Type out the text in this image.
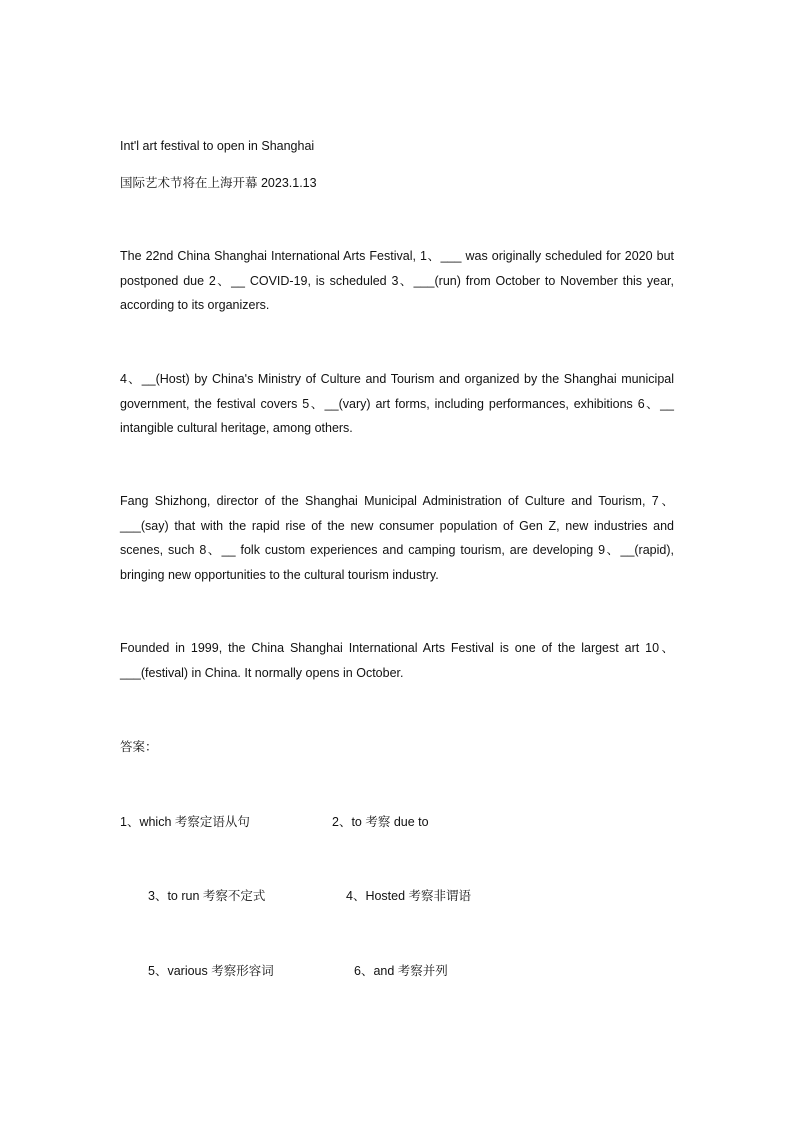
Int'l art festival to open in Shanghai
国际艺术节将在上海开幕 2023.1.13
The 22nd China Shanghai International Arts Festival, 1、___ was originally scheduled for 2020 but postponed due 2、__ COVID-19, is scheduled 3、___(run) from October to November this year, according to its organizers.
4、__(Host) by China's Ministry of Culture and Tourism and organized by the Shanghai municipal government, the festival covers 5、__(vary) art forms, including performances, exhibitions 6、__ intangible cultural heritage, among others.
Fang Shizhong, director of the Shanghai Municipal Administration of Culture and Tourism, 7、___(say) that with the rapid rise of the new consumer population of Gen Z, new industries and scenes, such 8、__ folk custom experiences and camping tourism, are developing 9、__(rapid), bringing new opportunities to the cultural tourism industry.
Founded in 1999, the China Shanghai International Arts Festival is one of the largest art 10、___(festival) in China. It normally opens in October.
答案：
1、which 考察定语从句	2、to 考察 due to
3、to run 考察不定式	4、Hosted 考察非谓语
5、various 考察形容词	6、and 考察并列
